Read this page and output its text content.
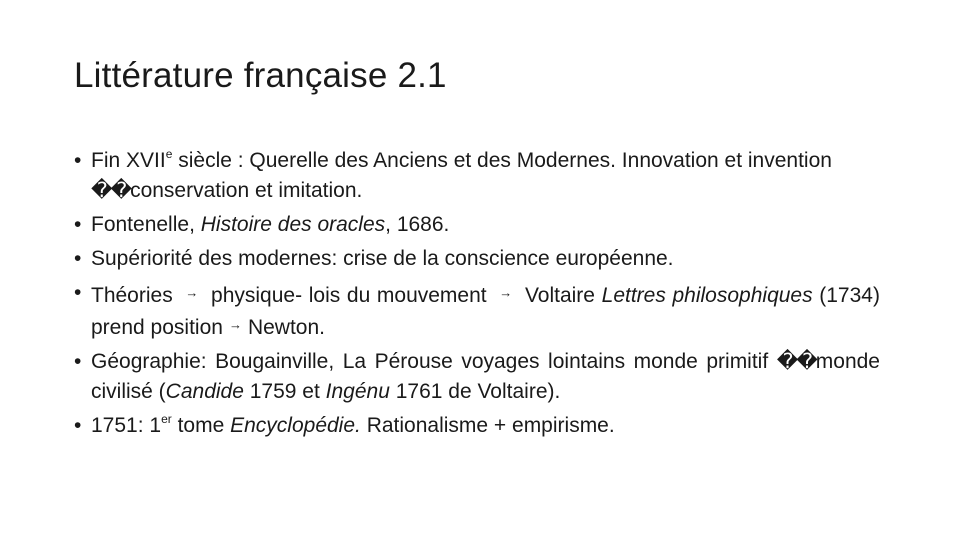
Littérature française 2.1
• Fin XVIIe siècle : Querelle des Anciens et des Modernes. Innovation et invention ��conservation et imitation.
• Fontenelle, Histoire des oracles, 1686.
• Supériorité des modernes: crise de la conscience européenne.
• Théories → physique- lois du mouvement → Voltaire Lettres philosophiques (1734) prend position → Newton.
• Géographie: Bougainville, La Pérouse voyages lointains monde primitif ��monde civilisé (Candide 1759 et Ingénu 1761 de Voltaire).
• 1751: 1er tome Encyclopédie. Rationalisme + empirisme.
